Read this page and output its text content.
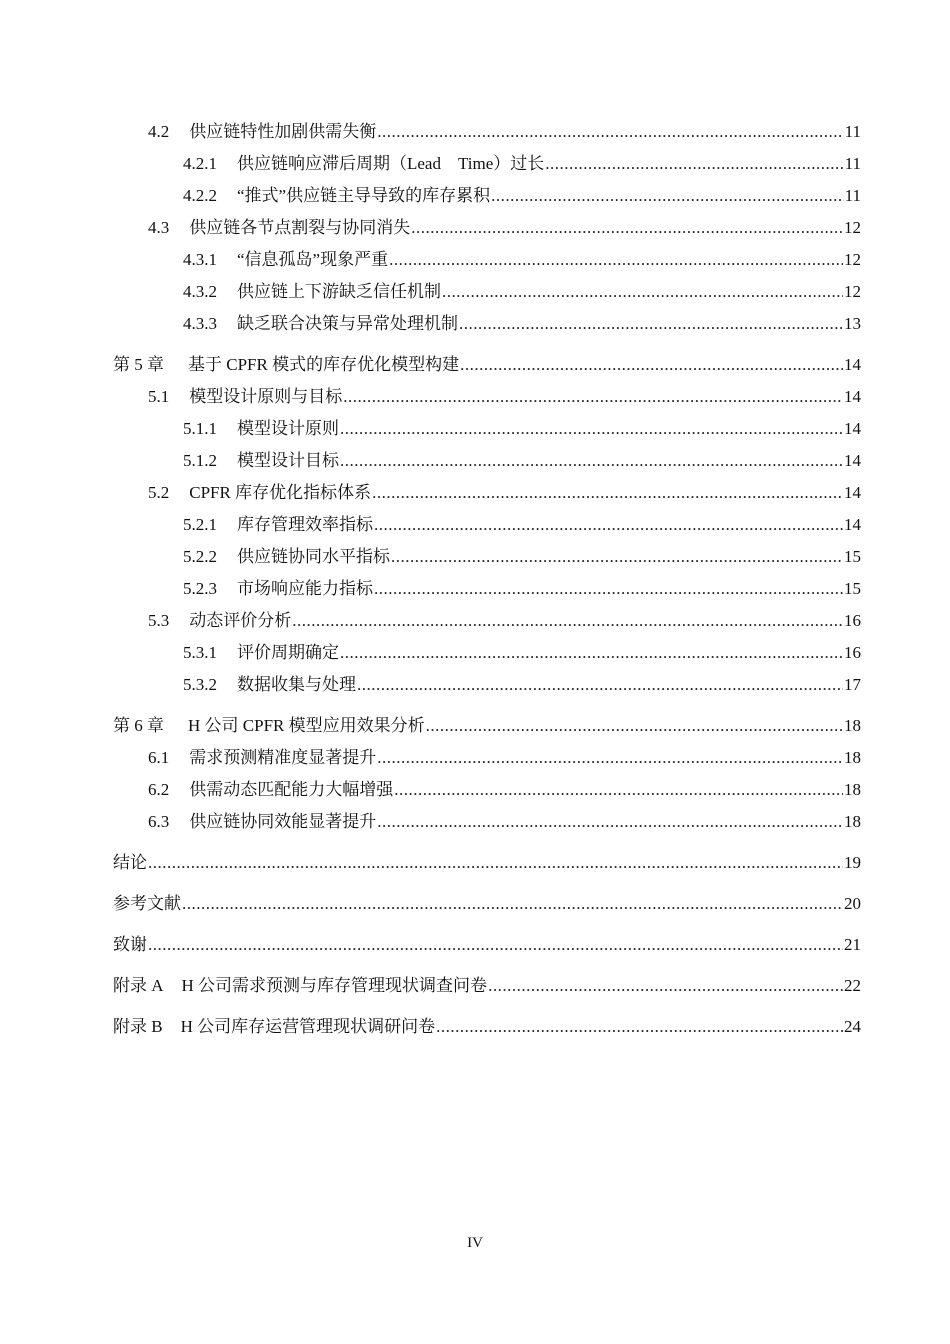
4.2 供应链特性加剧供需失衡 .....	11
4.2.1 供应链响应滞后周期（Lead　Time）过长 .....	11
4.2.2 “推式”供应链主导导致的库存累积 .....	11
4.3 供应链各节点割裂与协同消失 .....	12
4.3.1 “信息孤岛”现象严重 .....	12
4.3.2 供应链上下游缺乏信任机制 .....	12
4.3.3 缺乏联合决策与异常处理机制 .....	13
第 5 章 基于 CPFR 模式的库存优化模型构建 .....	14
5.1 模型设计原则与目标 .....	14
5.1.1 模型设计原则 .....	14
5.1.2 模型设计目标 .....	14
5.2 CPFR 库存优化指标体系 .....	14
5.2.1 库存管理效率指标 .....	14
5.2.2 供应链协同水平指标 .....	15
5.2.3 市场响应能力指标 .....	15
5.3 动态评价分析 .....	16
5.3.1 评价周期确定 .....	16
5.3.2 数据收集与处理 .....	17
第 6 章 H 公司 CPFR 模型应用效果分析 .....	18
6.1 需求预测精准度显著提升 .....	18
6.2 供需动态匹配能力大幅增强 .....	18
6.3 供应链协同效能显著提升 .....	18
结论 .....	19
参考文献 .....	20
致谢 .....	21
附录 A H 公司需求预测与库存管理现状调查问卷 .....	22
附录 B H 公司库存运营管理现状调研问卷 .....	24
IV
